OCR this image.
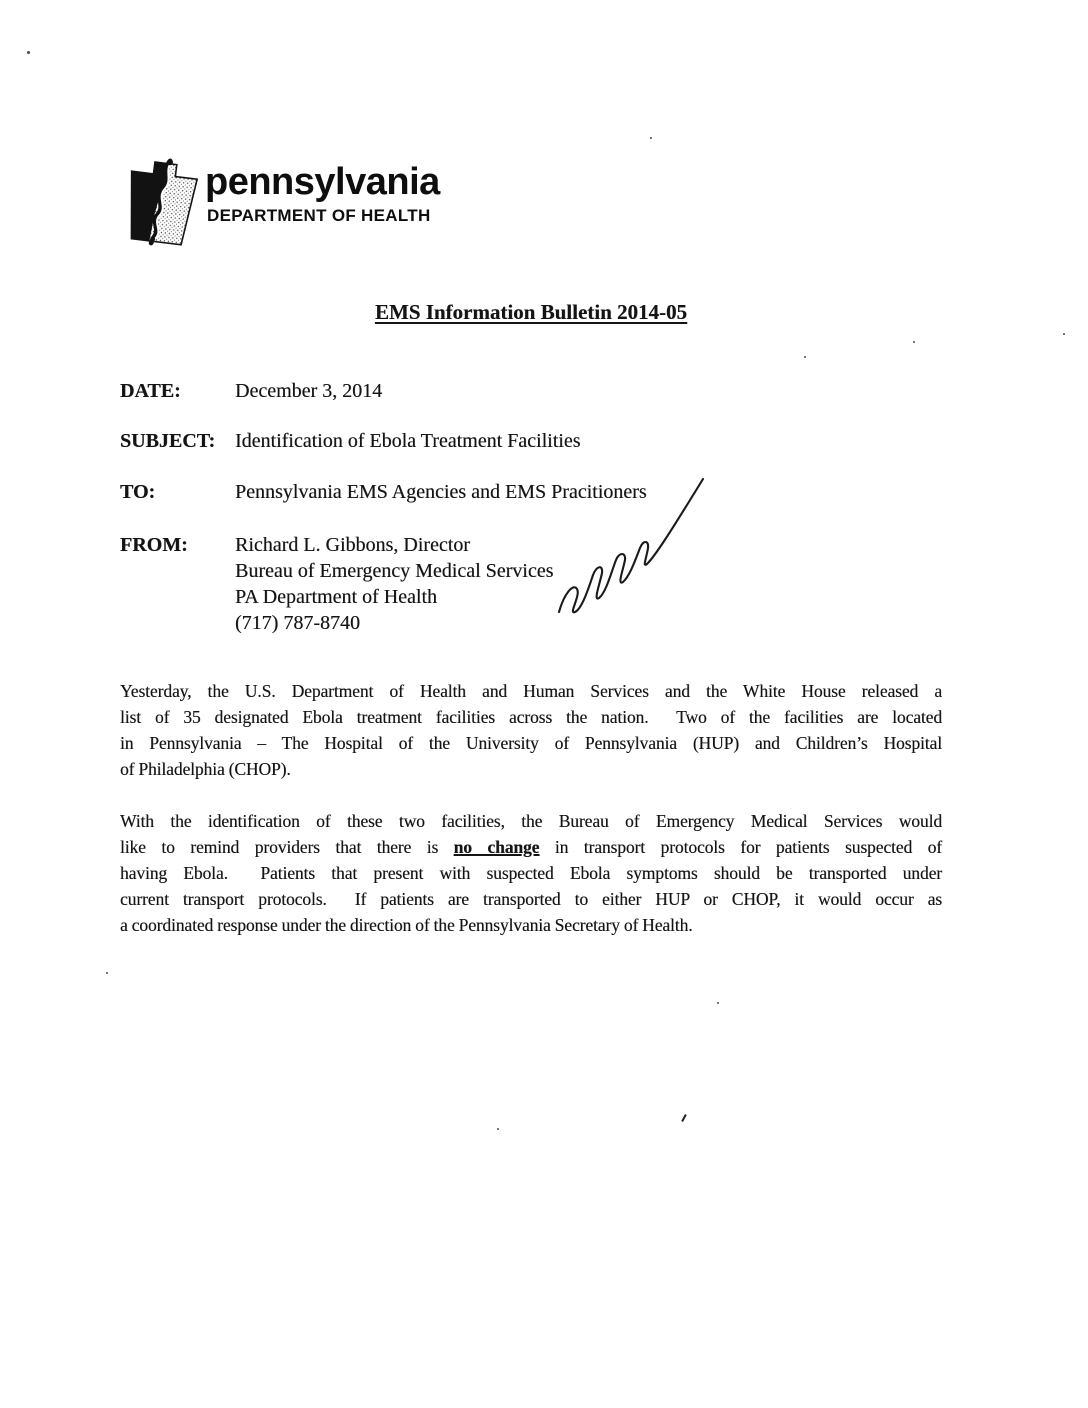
pennsylvania
DEPARTMENT OF HEALTH
EMS Information Bulletin 2014-05
DATE:	December 3, 2014
SUBJECT: Identification of Ebola Treatment Facilities
TO:	Pennsylvania EMS Agencies and EMS Pracitioners
FROM: Richard L. Gibbons, Director
Bureau of Emergency Medical Services
PA Department of Health
(717) 787-8740
Yesterday, the U.S. Department of Health and Human Services and the White House released a
list of 35 designated Ebola treatment facilities across the nation.  Two of the facilities are located
in Pennsylvania – The Hospital of the University of Pennsylvania (HUP) and Children’s Hospital
of Philadelphia (CHOP).
With the identification of these two facilities, the Bureau of Emergency Medical Services would
like to remind providers that there is no change in transport protocols for patients suspected of
having Ebola.  Patients that present with suspected Ebola symptoms should be transported under
current transport protocols.  If patients are transported to either HUP or CHOP, it would occur as
a coordinated response under the direction of the Pennsylvania Secretary of Health.
